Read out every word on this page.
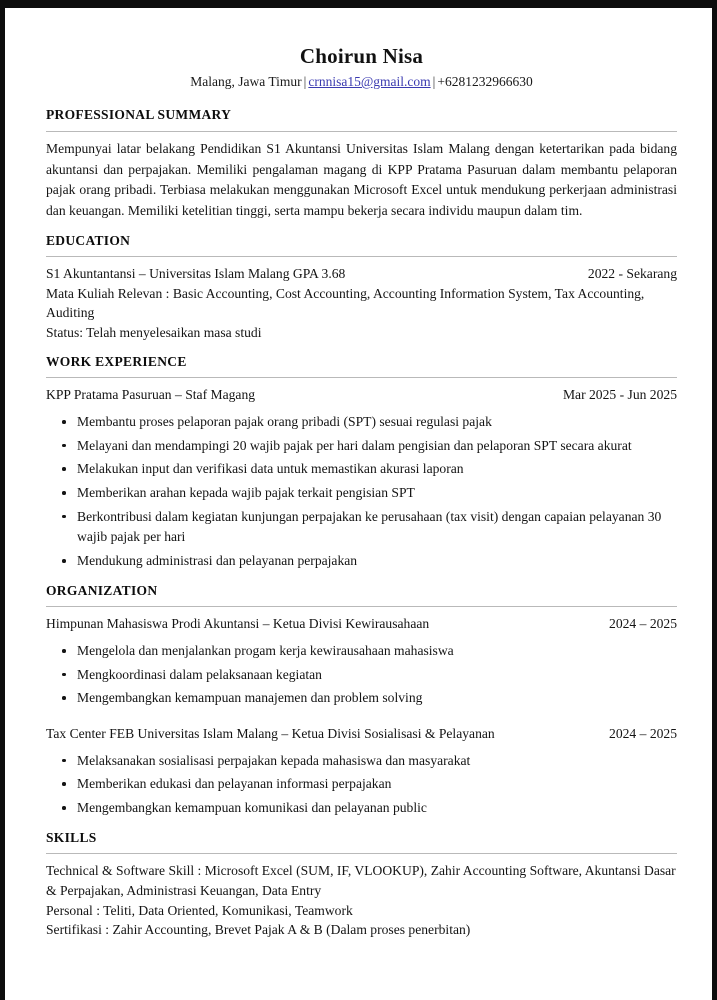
Choirun Nisa
Malang, Jawa Timur | crnnisa15@gmail.com | +6281232966630
PROFESSIONAL SUMMARY

Mempunyai latar belakang Pendidikan S1 Akuntansi Universitas Islam Malang dengan ketertarikan pada bidang akuntansi dan perpajakan. Memiliki pengalaman magang di KPP Pratama Pasuruan dalam membantu pelaporan pajak orang pribadi. Terbiasa melakukan menggunakan Microsoft Excel untuk mendukung perkerjaan administrasi dan keuangan. Memiliki ketelitian tinggi, serta mampu bekerja secara individu maupun dalam tim.

EDUCATION
S1 Akuntantansi – Universitas Islam Malang GPA 3.68	2022 - Sekarang

Mata Kuliah Relevan : Basic Accounting, Cost Accounting, Accounting Information System, Tax Accounting, Auditing

Status: Telah menyelesaikan masa studi

WORK EXPERIENCE
KPP Pratama Pasuruan – Staf Magang	Mar 2025 - Jun 2025
Membantu proses pelaporan pajak orang pribadi (SPT) sesuai regulasi pajak
Melayani dan mendampingi 20 wajib pajak per hari dalam pengisian dan pelaporan SPT secara akurat
Melakukan input dan verifikasi data untuk memastikan akurasi laporan
Memberikan arahan kepada wajib pajak terkait pengisian SPT
Berkontribusi dalam kegiatan kunjungan perpajakan ke perusahaan (tax visit) dengan capaian pelayanan 30 wajib pajak per hari
Mendukung administrasi dan pelayanan perpajakan
ORGANIZATION
Himpunan Mahasiswa Prodi Akuntansi – Ketua Divisi Kewirausahaan	2024 – 2025
Mengelola dan menjalankan progam kerja kewirausahaan mahasiswa
Mengkoordinasi dalam pelaksanaan kegiatan
Mengembangkan kemampuan manajemen dan problem solving
Tax Center FEB Universitas Islam Malang – Ketua Divisi Sosialisasi & Pelayanan	2024 – 2025
Melaksanakan sosialisasi perpajakan kepada mahasiswa dan masyarakat
Memberikan edukasi dan pelayanan informasi perpajakan
Mengembangkan kemampuan komunikasi dan pelayanan public
SKILLS

Technical & Software Skill : Microsoft Excel (SUM, IF, VLOOKUP), Zahir Accounting Software, Akuntansi Dasar & Perpajakan, Administrasi Keuangan, Data Entry

Personal : Teliti, Data Oriented, Komunikasi, Teamwork

Sertifikasi : Zahir Accounting, Brevet Pajak A & B (Dalam proses penerbitan)
